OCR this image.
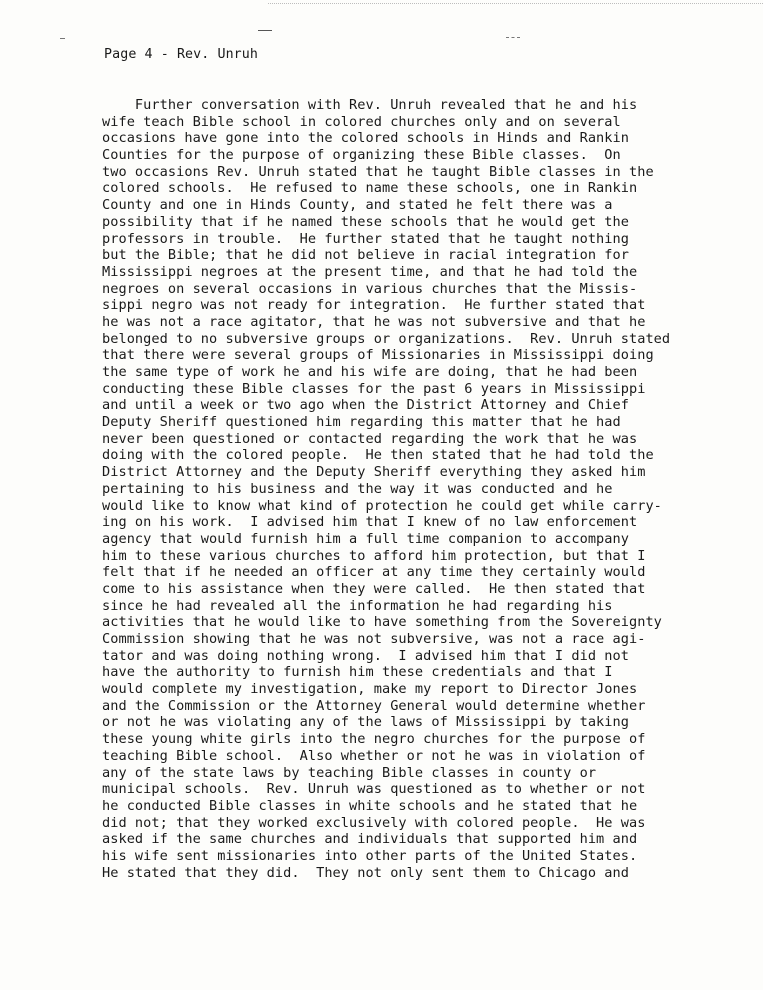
Page 4 - Rev. Unruh
Further conversation with Rev. Unruh revealed that he and his
wife teach Bible school in colored churches only and on several
occasions have gone into the colored schools in Hinds and Rankin
Counties for the purpose of organizing these Bible classes.  On
two occasions Rev. Unruh stated that he taught Bible classes in the
colored schools.  He refused to name these schools, one in Rankin
County and one in Hinds County, and stated he felt there was a
possibility that if he named these schools that he would get the
professors in trouble.  He further stated that he taught nothing
but the Bible; that he did not believe in racial integration for
Mississippi negroes at the present time, and that he had told the
negroes on several occasions in various churches that the Missis-
sippi negro was not ready for integration.  He further stated that
he was not a race agitator, that he was not subversive and that he
belonged to no subversive groups or organizations.  Rev. Unruh stated
that there were several groups of Missionaries in Mississippi doing
the same type of work he and his wife are doing, that he had been
conducting these Bible classes for the past 6 years in Mississippi
and until a week or two ago when the District Attorney and Chief
Deputy Sheriff questioned him regarding this matter that he had
never been questioned or contacted regarding the work that he was
doing with the colored people.  He then stated that he had told the
District Attorney and the Deputy Sheriff everything they asked him
pertaining to his business and the way it was conducted and he
would like to know what kind of protection he could get while carry-
ing on his work.  I advised him that I knew of no law enforcement
agency that would furnish him a full time companion to accompany
him to these various churches to afford him protection, but that I
felt that if he needed an officer at any time they certainly would
come to his assistance when they were called.  He then stated that
since he had revealed all the information he had regarding his
activities that he would like to have something from the Sovereignty
Commission showing that he was not subversive, was not a race agi-
tator and was doing nothing wrong.  I advised him that I did not
have the authority to furnish him these credentials and that I
would complete my investigation, make my report to Director Jones
and the Commission or the Attorney General would determine whether
or not he was violating any of the laws of Mississippi by taking
these young white girls into the negro churches for the purpose of
teaching Bible school.  Also whether or not he was in violation of
any of the state laws by teaching Bible classes in county or
municipal schools.  Rev. Unruh was questioned as to whether or not
he conducted Bible classes in white schools and he stated that he
did not; that they worked exclusively with colored people.  He was
asked if the same churches and individuals that supported him and
his wife sent missionaries into other parts of the United States.
He stated that they did.  They not only sent them to Chicago and
